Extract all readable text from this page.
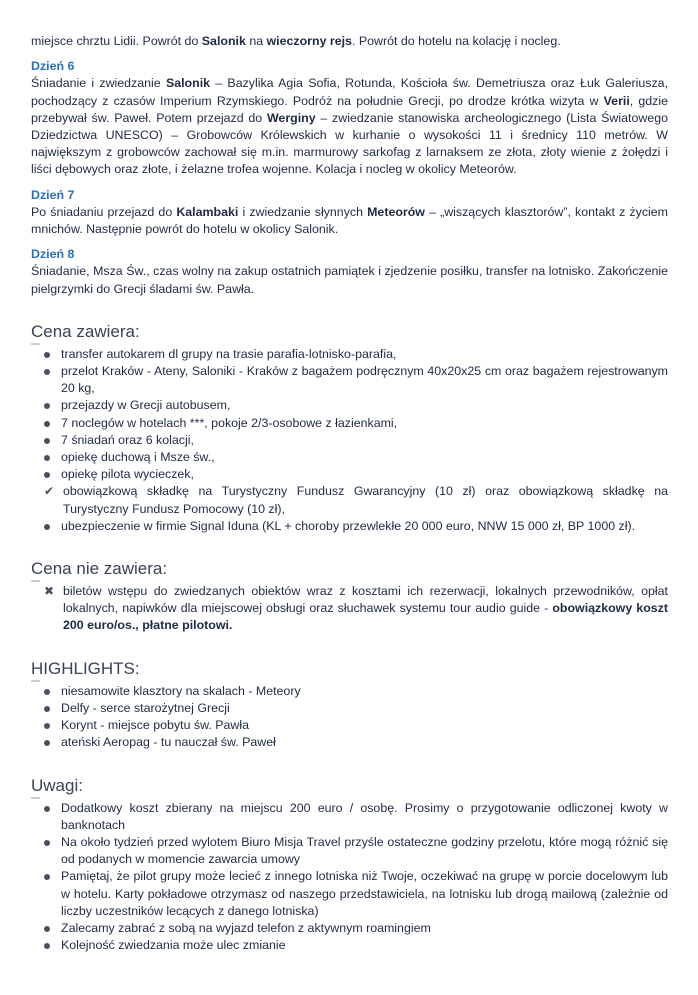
miejsce chrztu Lidii. Powrót do Salonik na wieczorny rejs. Powrót do hotelu na kolację i nocleg.

Dzień 6

Śniadanie i zwiedzanie Salonik – Bazylika Agia Sofia, Rotunda, Kościoła św. Demetriusza oraz Łuk Galeriusza, pochodzący z czasów Imperium Rzymskiego. Podróż na południe Grecji, po drodze krótka wizyta w Verii, gdzie przebywał św. Paweł. Potem przejazd do Werginy – zwiedzanie stanowiska archeologicznego (Lista Światowego Dziedzictwa UNESCO) – Grobowców Królewskich w kurhanie o wysokości 11 i średnicy 110 metrów. W największym z grobowców zachował się m.in. marmurowy sarkofag z larnaksem ze złota, złoty wienie z żołędzi i liści dębowych oraz złote, i żelazne trofea wojenne. Kolacja i nocleg w okolicy Meteorów.

Dzień 7

Po śniadaniu przejazd do Kalambaki i zwiedzanie słynnych Meteorów – „wiszących klasztorów”, kontakt z życiem mnichów. Następnie powrót do hotelu w okolicy Salonik.

Dzień 8

Śniadanie, Msza Św., czas wolny na zakup ostatnich pamiątek i zjedzenie posiłku, transfer na lotnisko. Zakończenie pielgrzymki do Grecji śladami św. Pawła.

Cena zawiera:
transfer autokarem dl grupy na trasie parafia-lotnisko-parafia,
przelot Kraków - Ateny, Saloniki - Kraków z bagażem podręcznym 40x20x25 cm oraz bagażem rejestrowanym 20 kg,
przejazdy w Grecji autobusem,
7 noclegów w hotelach ***, pokoje 2/3-osobowe z łazienkami,
7 śniadań oraz 6 kolacji,
opiekę duchową i Msze św.,
opiekę pilota wycieczek,
✔ obowiązkową składkę na Turystyczny Fundusz Gwarancyjny (10 zł) oraz obowiązkową składkę na Turystyczny Fundusz Pomocowy (10 zł),
ubezpieczenie w firmie Signal Iduna (KL + choroby przewlekłe 20 000 euro, NNW 15 000 zł, BP 1000 zł).
Cena nie zawiera:
✖ biletów wstępu do zwiedzanych obiektów wraz z kosztami ich rezerwacji, lokalnych przewodników, opłat lokalnych, napiwków dla miejscowej obsługi oraz słuchawek systemu tour audio guide - obowiązkowy koszt 200 euro/os., płatne pilotowi.
HIGHLIGHTS:
niesamowite klasztory na skalach - Meteory
Delfy - serce starożytnej Grecji
Korynt - miejsce pobytu św. Pawła
ateński Aeropag - tu nauczał św. Paweł
Uwagi:
Dodatkowy koszt zbierany na miejscu 200 euro / osobę. Prosimy o przygotowanie odliczonej kwoty w banknotach
Na około tydzień przed wylotem Biuro Misja Travel przyśle ostateczne godziny przelotu, które mogą różnić się od podanych w momencie zawarcia umowy
Pamiętaj, że pilot grupy może lecieć z innego lotniska niż Twoje, oczekiwać na grupę w porcie docelowym lub w hotelu. Karty pokładowe otrzymasz od naszego przedstawiciela, na lotnisku lub drogą mailową (zależnie od liczby uczestników lecących z danego lotniska)
Zalecamy zabrać z sobą na wyjazd telefon z aktywnym roamingiem
Kolejność zwiedzania może ulec zmianie
